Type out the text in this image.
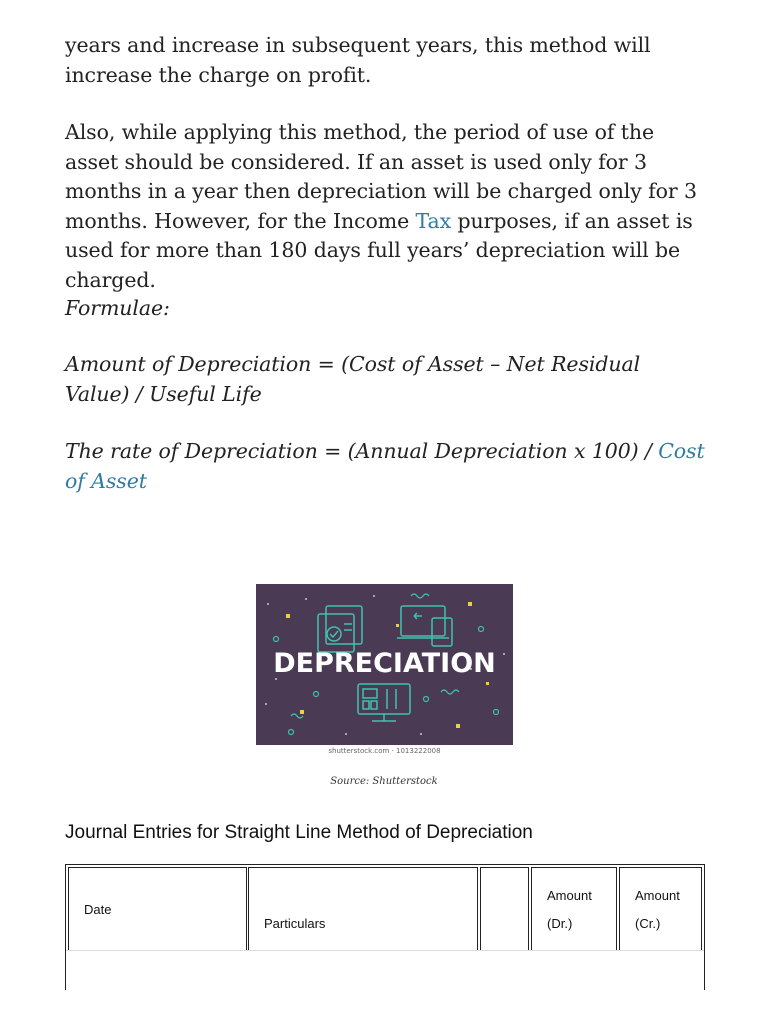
years and increase in subsequent years, this method will increase the charge on profit.

Also, while applying this method, the period of use of the asset should be considered. If an asset is used only for 3 months in a year then depreciation will be charged only for 3 months. However, for the Income Tax purposes, if an asset is used for more than 180 days full years’ depreciation will be charged.

Formulae:

Amount of Depreciation = (Cost of Asset – Net Residual Value) / Useful Life

The rate of Depreciation = (Annual Depreciation x 100) / Cost of Asset

DEPRECIATION
shutterstock.com · 1013222008
Source: Shutterstock
Journal Entries for Straight Line Method of Depreciation
Date
Particulars
Amount
(Dr.)
Amount
(Cr.)
